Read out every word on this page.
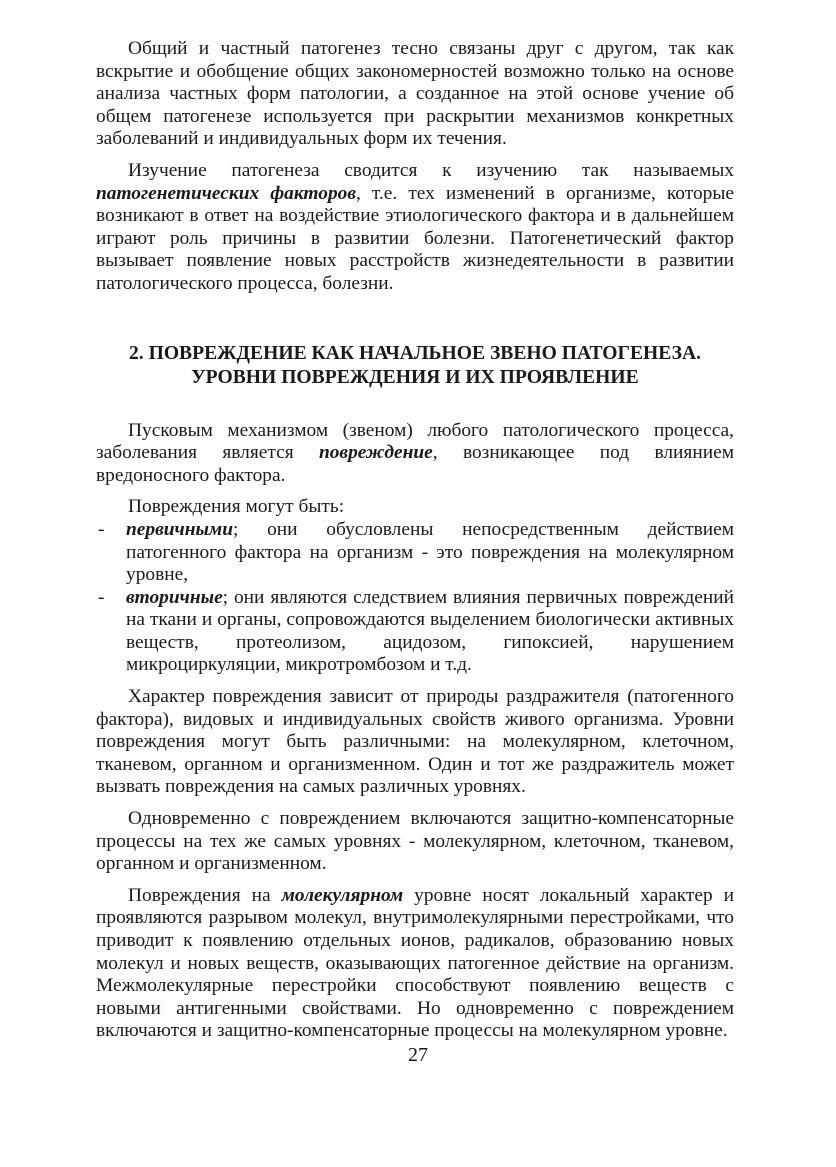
Общий и частный патогенез тесно связаны друг с другом, так как вскрытие и обобщение общих закономерностей возможно только на основе анализа частных форм патологии, а созданное на этой основе учение об общем патогенезе используется при раскрытии механизмов конкретных заболеваний и индивидуальных форм их течения.

Изучение патогенеза сводится к изучению так называемых патогенетических факторов, т.е. тех изменений в организме, которые возникают в ответ на воздействие этиологического фактора и в дальнейшем играют роль причины в развитии болезни. Патогенетический фактор вызывает появление новых расстройств жизнедеятельности в развитии патологического процесса, болезни.

2. ПОВРЕЖДЕНИЕ КАК НАЧАЛЬНОЕ ЗВЕНО ПАТОГЕНЕЗА.
УРОВНИ ПОВРЕЖДЕНИЯ И ИХ ПРОЯВЛЕНИЕ

Пусковым механизмом (звеном) любого патологического процесса, заболевания является повреждение, возникающее под влиянием вредоносного фактора.

Повреждения могут быть:

- первичными; они обусловлены непосредственным действием патогенного фактора на организм - это повреждения на молекулярном уровне,
- вторичные; они являются следствием влияния первичных повреждений на ткани и органы, сопровождаются выделением биологически активных веществ, протеолизом, ацидозом, гипоксией, нарушением микроциркуляции, микротромбозом и т.д.

Характер повреждения зависит от природы раздражителя (патогенного фактора), видовых и индивидуальных свойств живого организма. Уровни повреждения могут быть различными: на молекулярном, клеточном, тканевом, органном и организменном. Один и тот же раздражитель может вызвать повреждения на самых различных уровнях.

Одновременно с повреждением включаются защитно-компенсаторные процессы на тех же самых уровнях - молекулярном, клеточном, тканевом, органном и организменном.

Повреждения на молекулярном уровне носят локальный характер и проявляются разрывом молекул, внутримолекулярными перестройками, что приводит к появлению отдельных ионов, радикалов, образованию новых молекул и новых веществ, оказывающих патогенное действие на организм. Межмолекулярные перестройки способствуют появлению веществ с новыми антигенными свойствами. Но одновременно с повреждением включаются и защитно-компенсаторные процессы на молекулярном уровне.

27
